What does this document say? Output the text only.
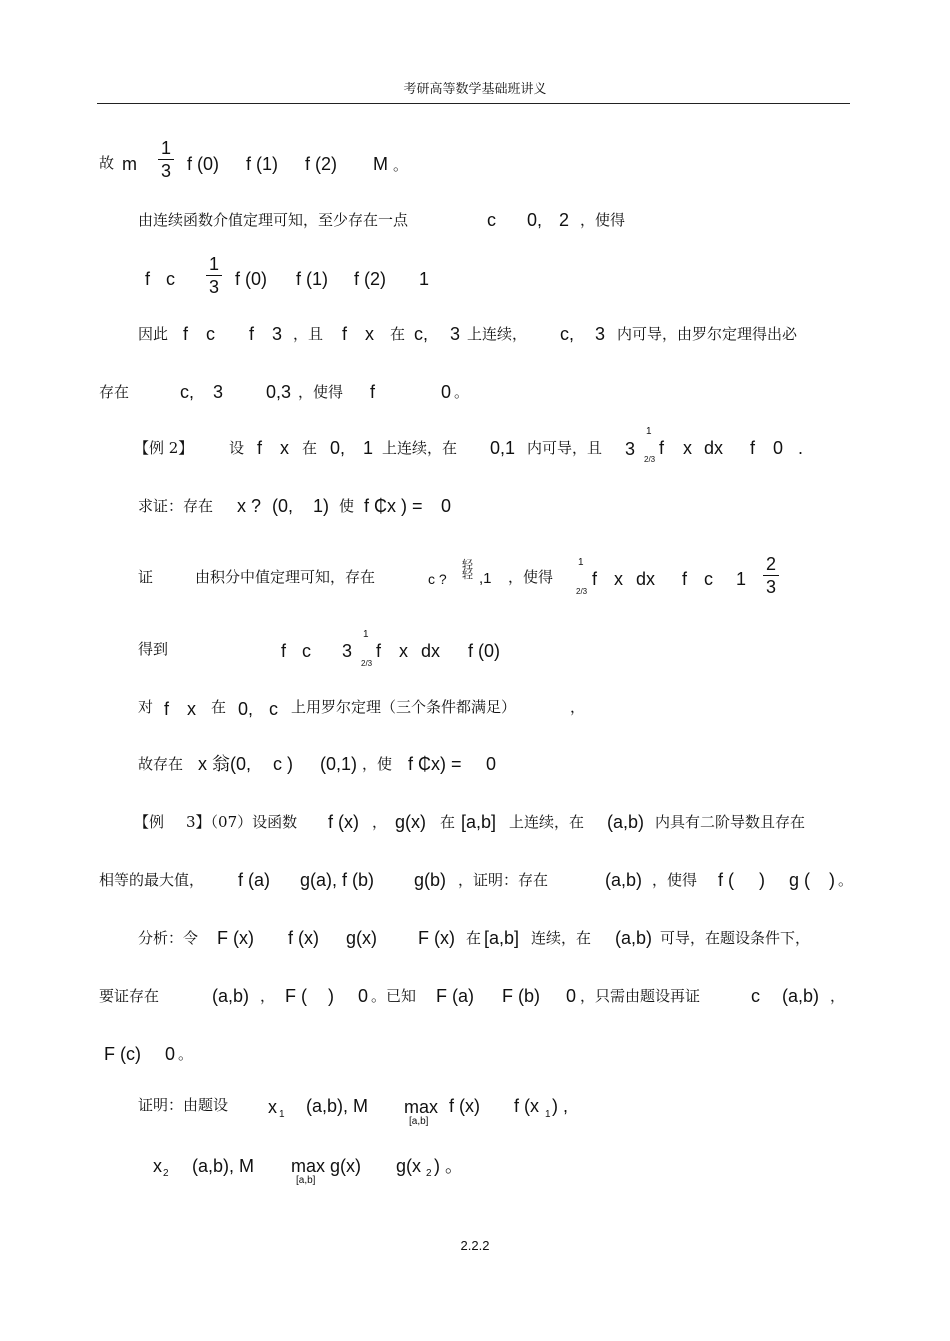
考研高等数学基础班讲义
故 m
1
3 f (0) f (1) f (2) M 。
由连续函数介值定理可知，至少存在一点	c 0, 2 ，使得
f c
1
3 f (0) f (1) f (2) 1
因此 f c f 3 ，且 f x 在 c, 3 上连续， c, 3 内可导，由罗尔定理得出必
存在	c, 3 0,3 ，使得 f	0 。
【例 2】 设 f x 在 0, 1 上连续，在 0,1 内可导，且 3
1
2/3
f x dx f 0 .
求证：存在 x ? (0, 1) 使 f ₵x ) = 0
证	由积分中值定理可知，存在	c ?
轻轻 ,1 ，使得
1
2/3
f x dx f c 1
2
3
得到	f c 3
1
2/3
f x dx f (0)
对 f x 在 0, c 上用罗尔定理（三个条件都满足）	，
故存在 x 翁(0, c ) (0,1) ，使 f ₵x) = 0
【例 3】（07）设函数 f (x) ， g(x) 在 [a,b] 上连续，在 (a,b) 内具有二阶导数且存在
相等的最大值， f (a) g(a), f (b) g(b) ，证明：存在	(a,b) ，使得 f ( ) g ( ) 。
分析：令 F (x) f (x) g(x) F (x) 在 [a,b] 连续，在 (a,b) 可导，在题设条件下，
要证存在	(a,b) ， F ( ) 0 。已知 F (a) F (b) 0 ，只需由题设再证	c (a,b) ，
F (c) 0 。
证明：由题设 x 1 (a,b), M max
[a,b]
f (x) f (x 1 ) ,
x 2 (a,b), M max
[a,b]
g(x) g(x 2 ) 。
2.2.2
